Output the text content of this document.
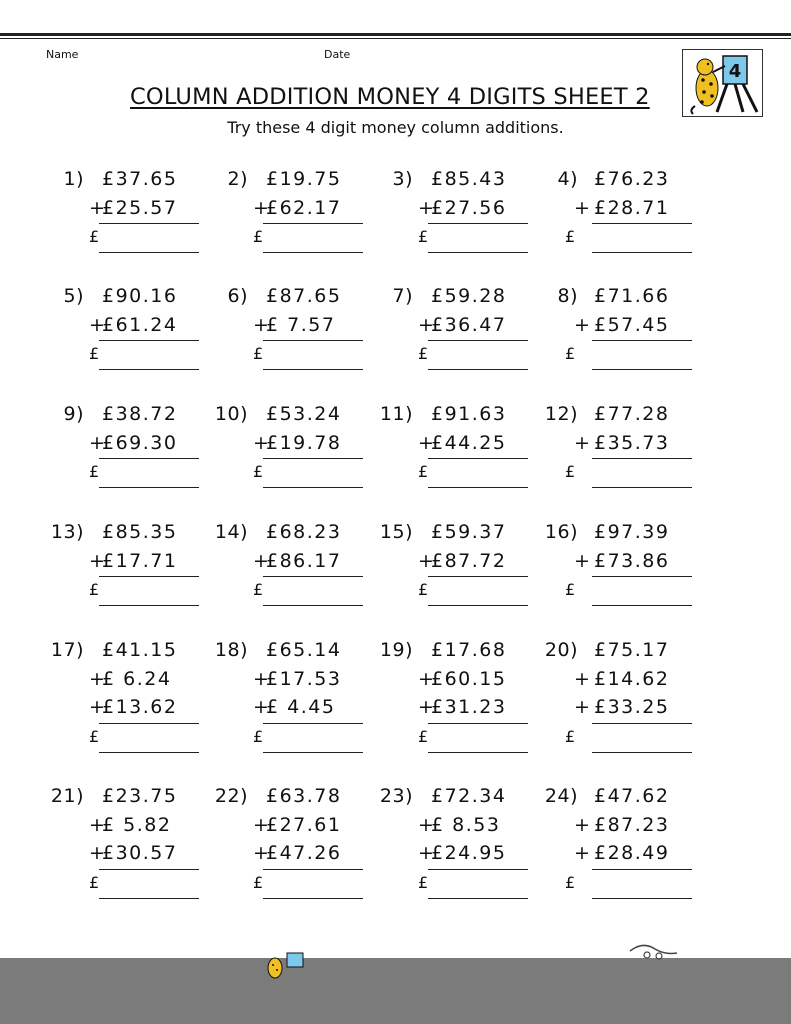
Name	Date
COLUMN ADDITION MONEY 4 DIGITS SHEET 2
Try these 4 digit money column additions.
4
1) £37.65
+
£25.57
£
2) £19.75
+
£62.17
£
3) £85.43
+
£27.56
£
4) £76.23
+ £28.71
£
5) £90.16
+
£61.24
£
6) £87.65
+
£ 7.57
£
7) £59.28
+
£36.47
£
8) £71.66
+ £57.45
£
9) £38.72
+
£69.30
£
10) £53.24
+
£19.78
£
11) £91.63
+
£44.25
£
12) £77.28
+ £35.73
£
13) £85.35
+
£17.71
£
14) £68.23
+
£86.17
£
15) £59.37
+
£87.72
£
16) £97.39
+ £73.86
£
17) £41.15
+
£ 6.24
+
£13.62
£
18) £65.14
+
£17.53
+
£ 4.45
£
19) £17.68
+
£60.15
+
£31.23
£
20) £75.17
+ £14.62
+ £33.25
£
21) £23.75
+
£ 5.82
+
£30.57
£
22) £63.78
+
£27.61
+
£47.26
£
23) £72.34
+
£ 8.53
+
£24.95
£
24) £47.62
+ £87.23
+ £28.49
£
